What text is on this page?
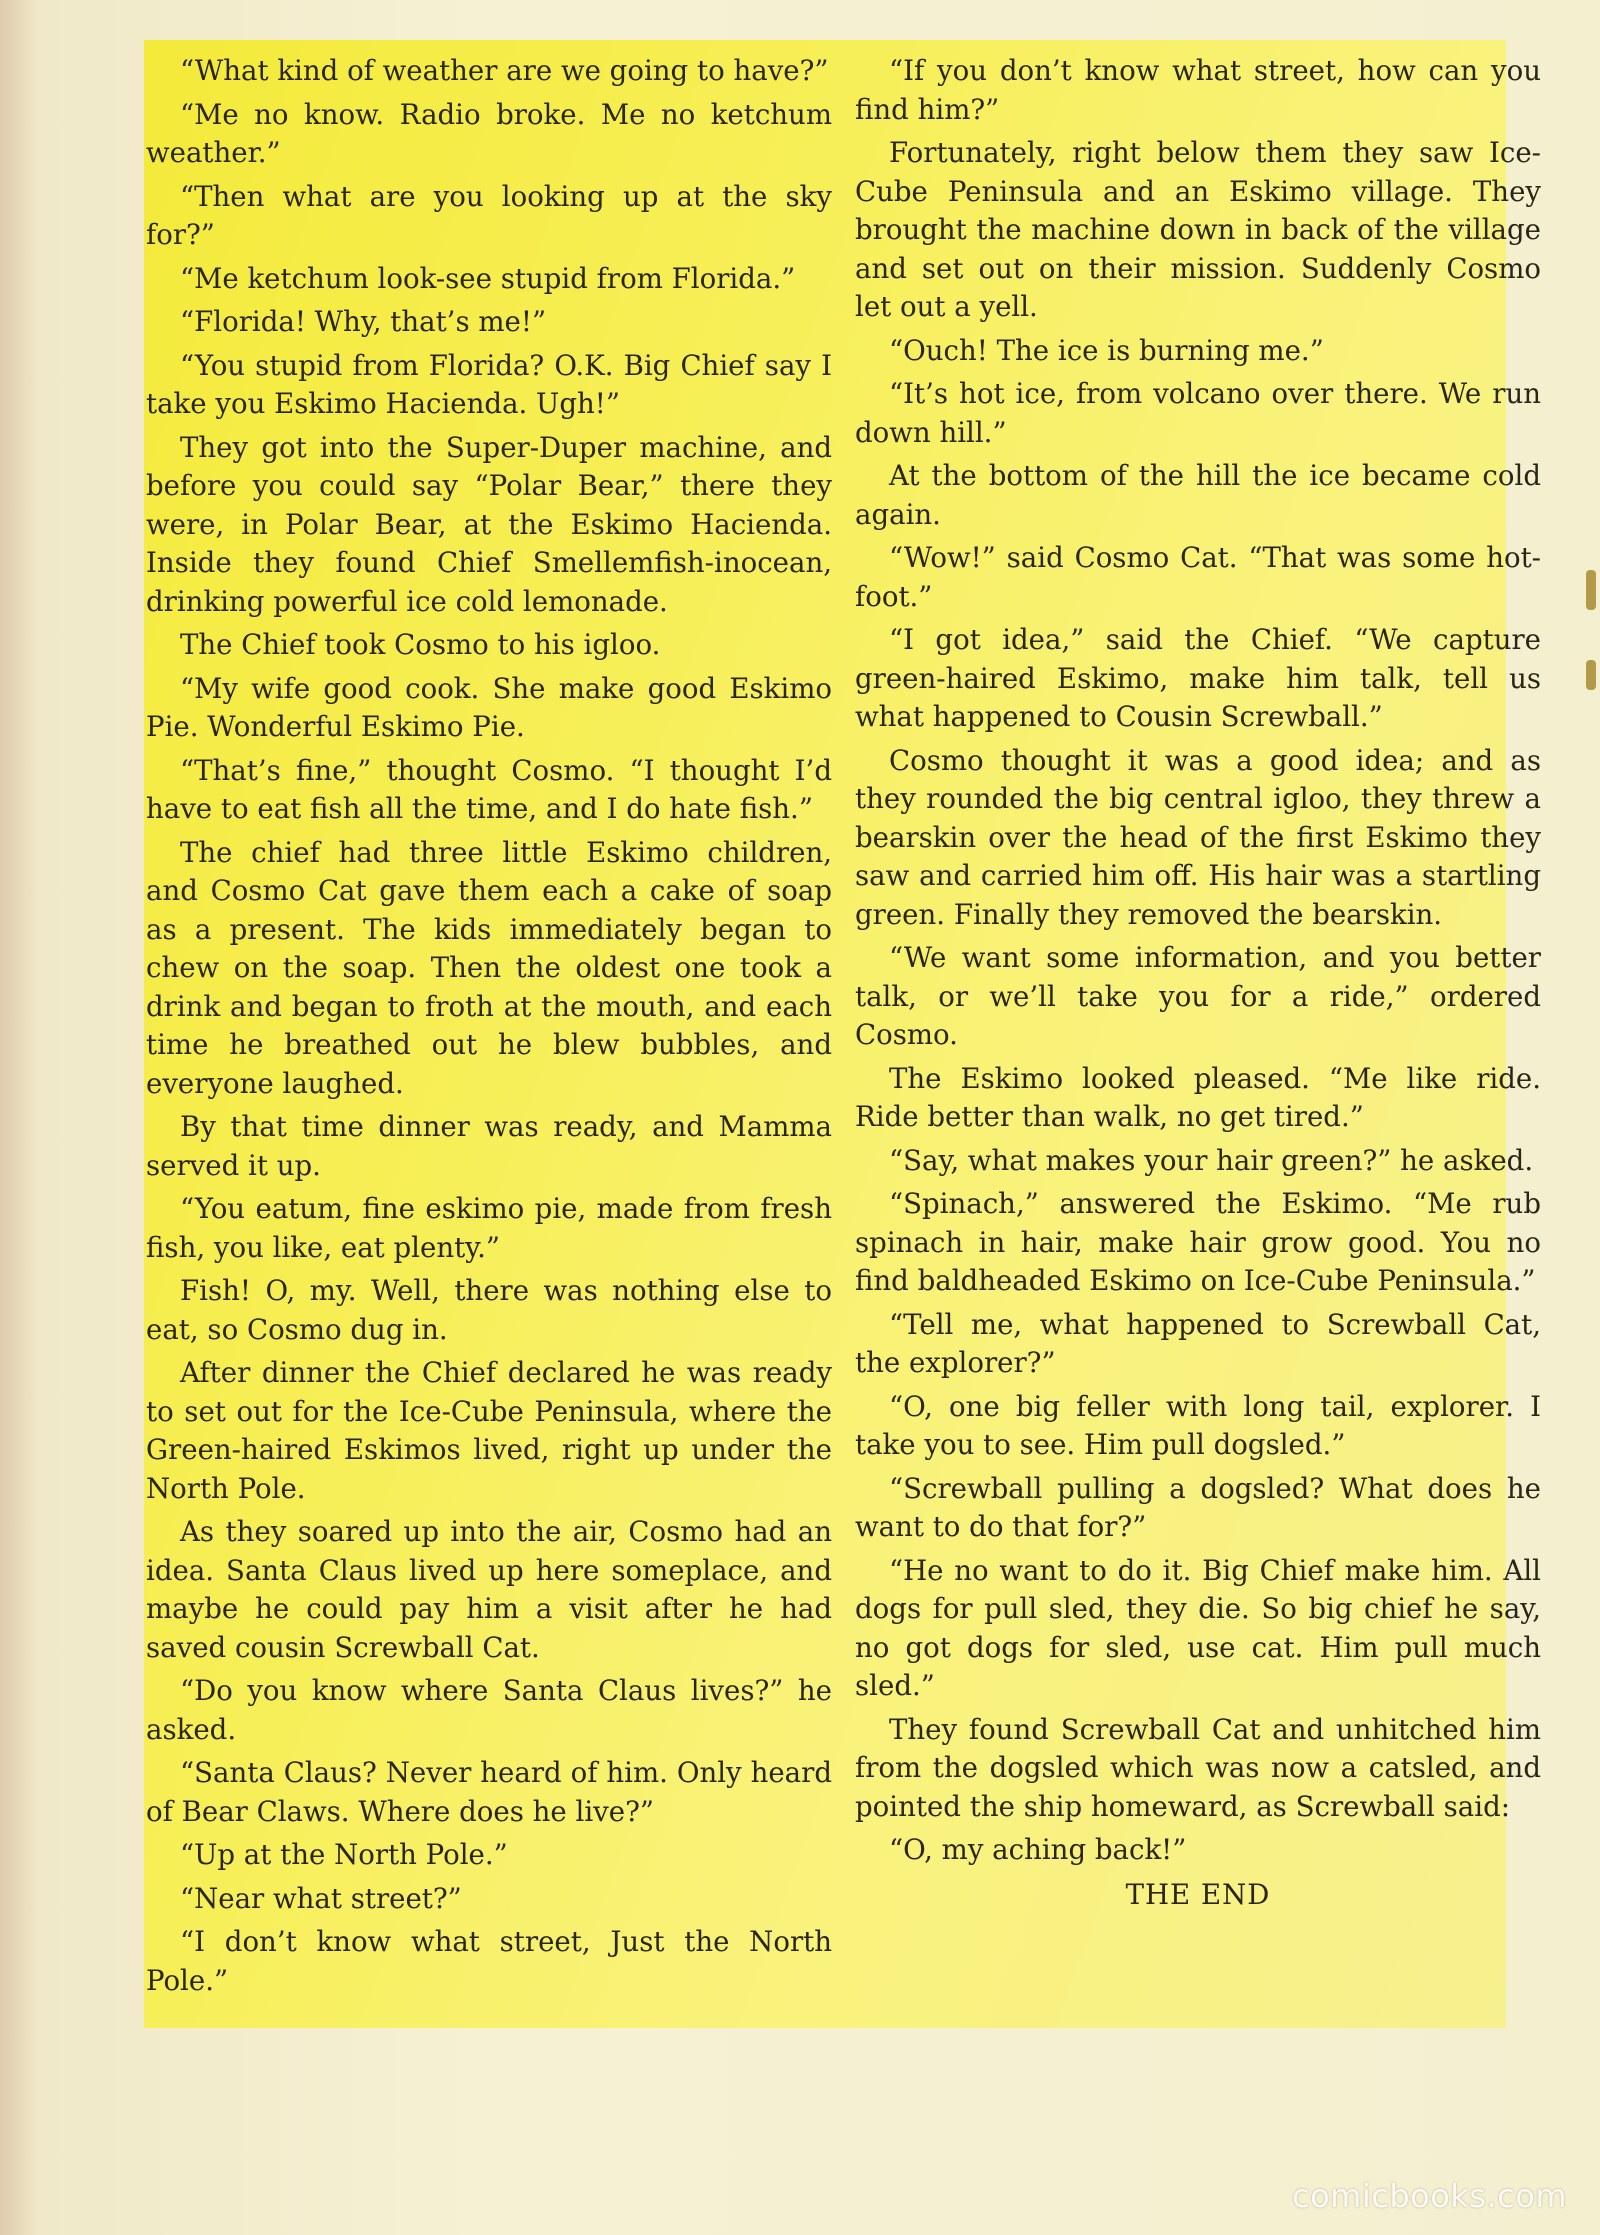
“What kind of weather are we going to have?”

“Me no know. Radio broke. Me no ketchum weather.”

“Then what are you looking up at the sky for?”

“Me ketchum look-see stupid from Florida.”

“Florida! Why, that’s me!”

“You stupid from Florida? O.K. Big Chief say I take you Eskimo Hacienda. Ugh!”

They got into the Super-Duper machine, and before you could say “Polar Bear,” there they were, in Polar Bear, at the Eskimo Hacienda. Inside they found Chief Smellemfish-inocean, drinking powerful ice cold lemonade.

The Chief took Cosmo to his igloo.

“My wife good cook. She make good Eskimo Pie. Wonderful Eskimo Pie.

“That’s fine,” thought Cosmo. “I thought I’d have to eat fish all the time, and I do hate fish.”

The chief had three little Eskimo children, and Cosmo Cat gave them each a cake of soap as a present. The kids immediately began to chew on the soap. Then the oldest one took a drink and began to froth at the mouth, and each time he breathed out he blew bubbles, and everyone laughed.

By that time dinner was ready, and Mamma served it up.

“You eatum, fine eskimo pie, made from fresh fish, you like, eat plenty.”

Fish! O, my. Well, there was nothing else to eat, so Cosmo dug in.

After dinner the Chief declared he was ready to set out for the Ice-Cube Peninsula, where the Green-haired Eskimos lived, right up under the North Pole.

As they soared up into the air, Cosmo had an idea. Santa Claus lived up here someplace, and maybe he could pay him a visit after he had saved cousin Screwball Cat.

“Do you know where Santa Claus lives?” he asked.

“Santa Claus? Never heard of him. Only heard of Bear Claws. Where does he live?”

“Up at the North Pole.”

“Near what street?”

“I don’t know what street, Just the North Pole.”

“If you don’t know what street, how can you find him?”

Fortunately, right below them they saw Ice-Cube Peninsula and an Eskimo village. They brought the machine down in back of the village and set out on their mission. Suddenly Cosmo let out a yell.

“Ouch! The ice is burning me.”

“It’s hot ice, from volcano over there. We run down hill.”

At the bottom of the hill the ice became cold again.

“Wow!” said Cosmo Cat. “That was some hot-foot.”

“I got idea,” said the Chief. “We capture green-haired Eskimo, make him talk, tell us what happened to Cousin Screwball.”

Cosmo thought it was a good idea; and as they rounded the big central igloo, they threw a bearskin over the head of the first Eskimo they saw and carried him off. His hair was a startling green. Finally they removed the bearskin.

“We want some information, and you better talk, or we’ll take you for a ride,” ordered Cosmo.

The Eskimo looked pleased. “Me like ride. Ride better than walk, no get tired.”

“Say, what makes your hair green?” he asked.

“Spinach,” answered the Eskimo. “Me rub spinach in hair, make hair grow good. You no find baldheaded Eskimo on Ice-Cube Peninsula.”

“Tell me, what happened to Screwball Cat, the explorer?”

“O, one big feller with long tail, explorer. I take you to see. Him pull dogsled.”

“Screwball pulling a dogsled? What does he want to do that for?”

“He no want to do it. Big Chief make him. All dogs for pull sled, they die. So big chief he say, no got dogs for sled, use cat. Him pull much sled.”

They found Screwball Cat and unhitched him from the dogsled which was now a catsled, and pointed the ship homeward, as Screwball said:

“O, my aching back!”

THE END

comicbooks.com
